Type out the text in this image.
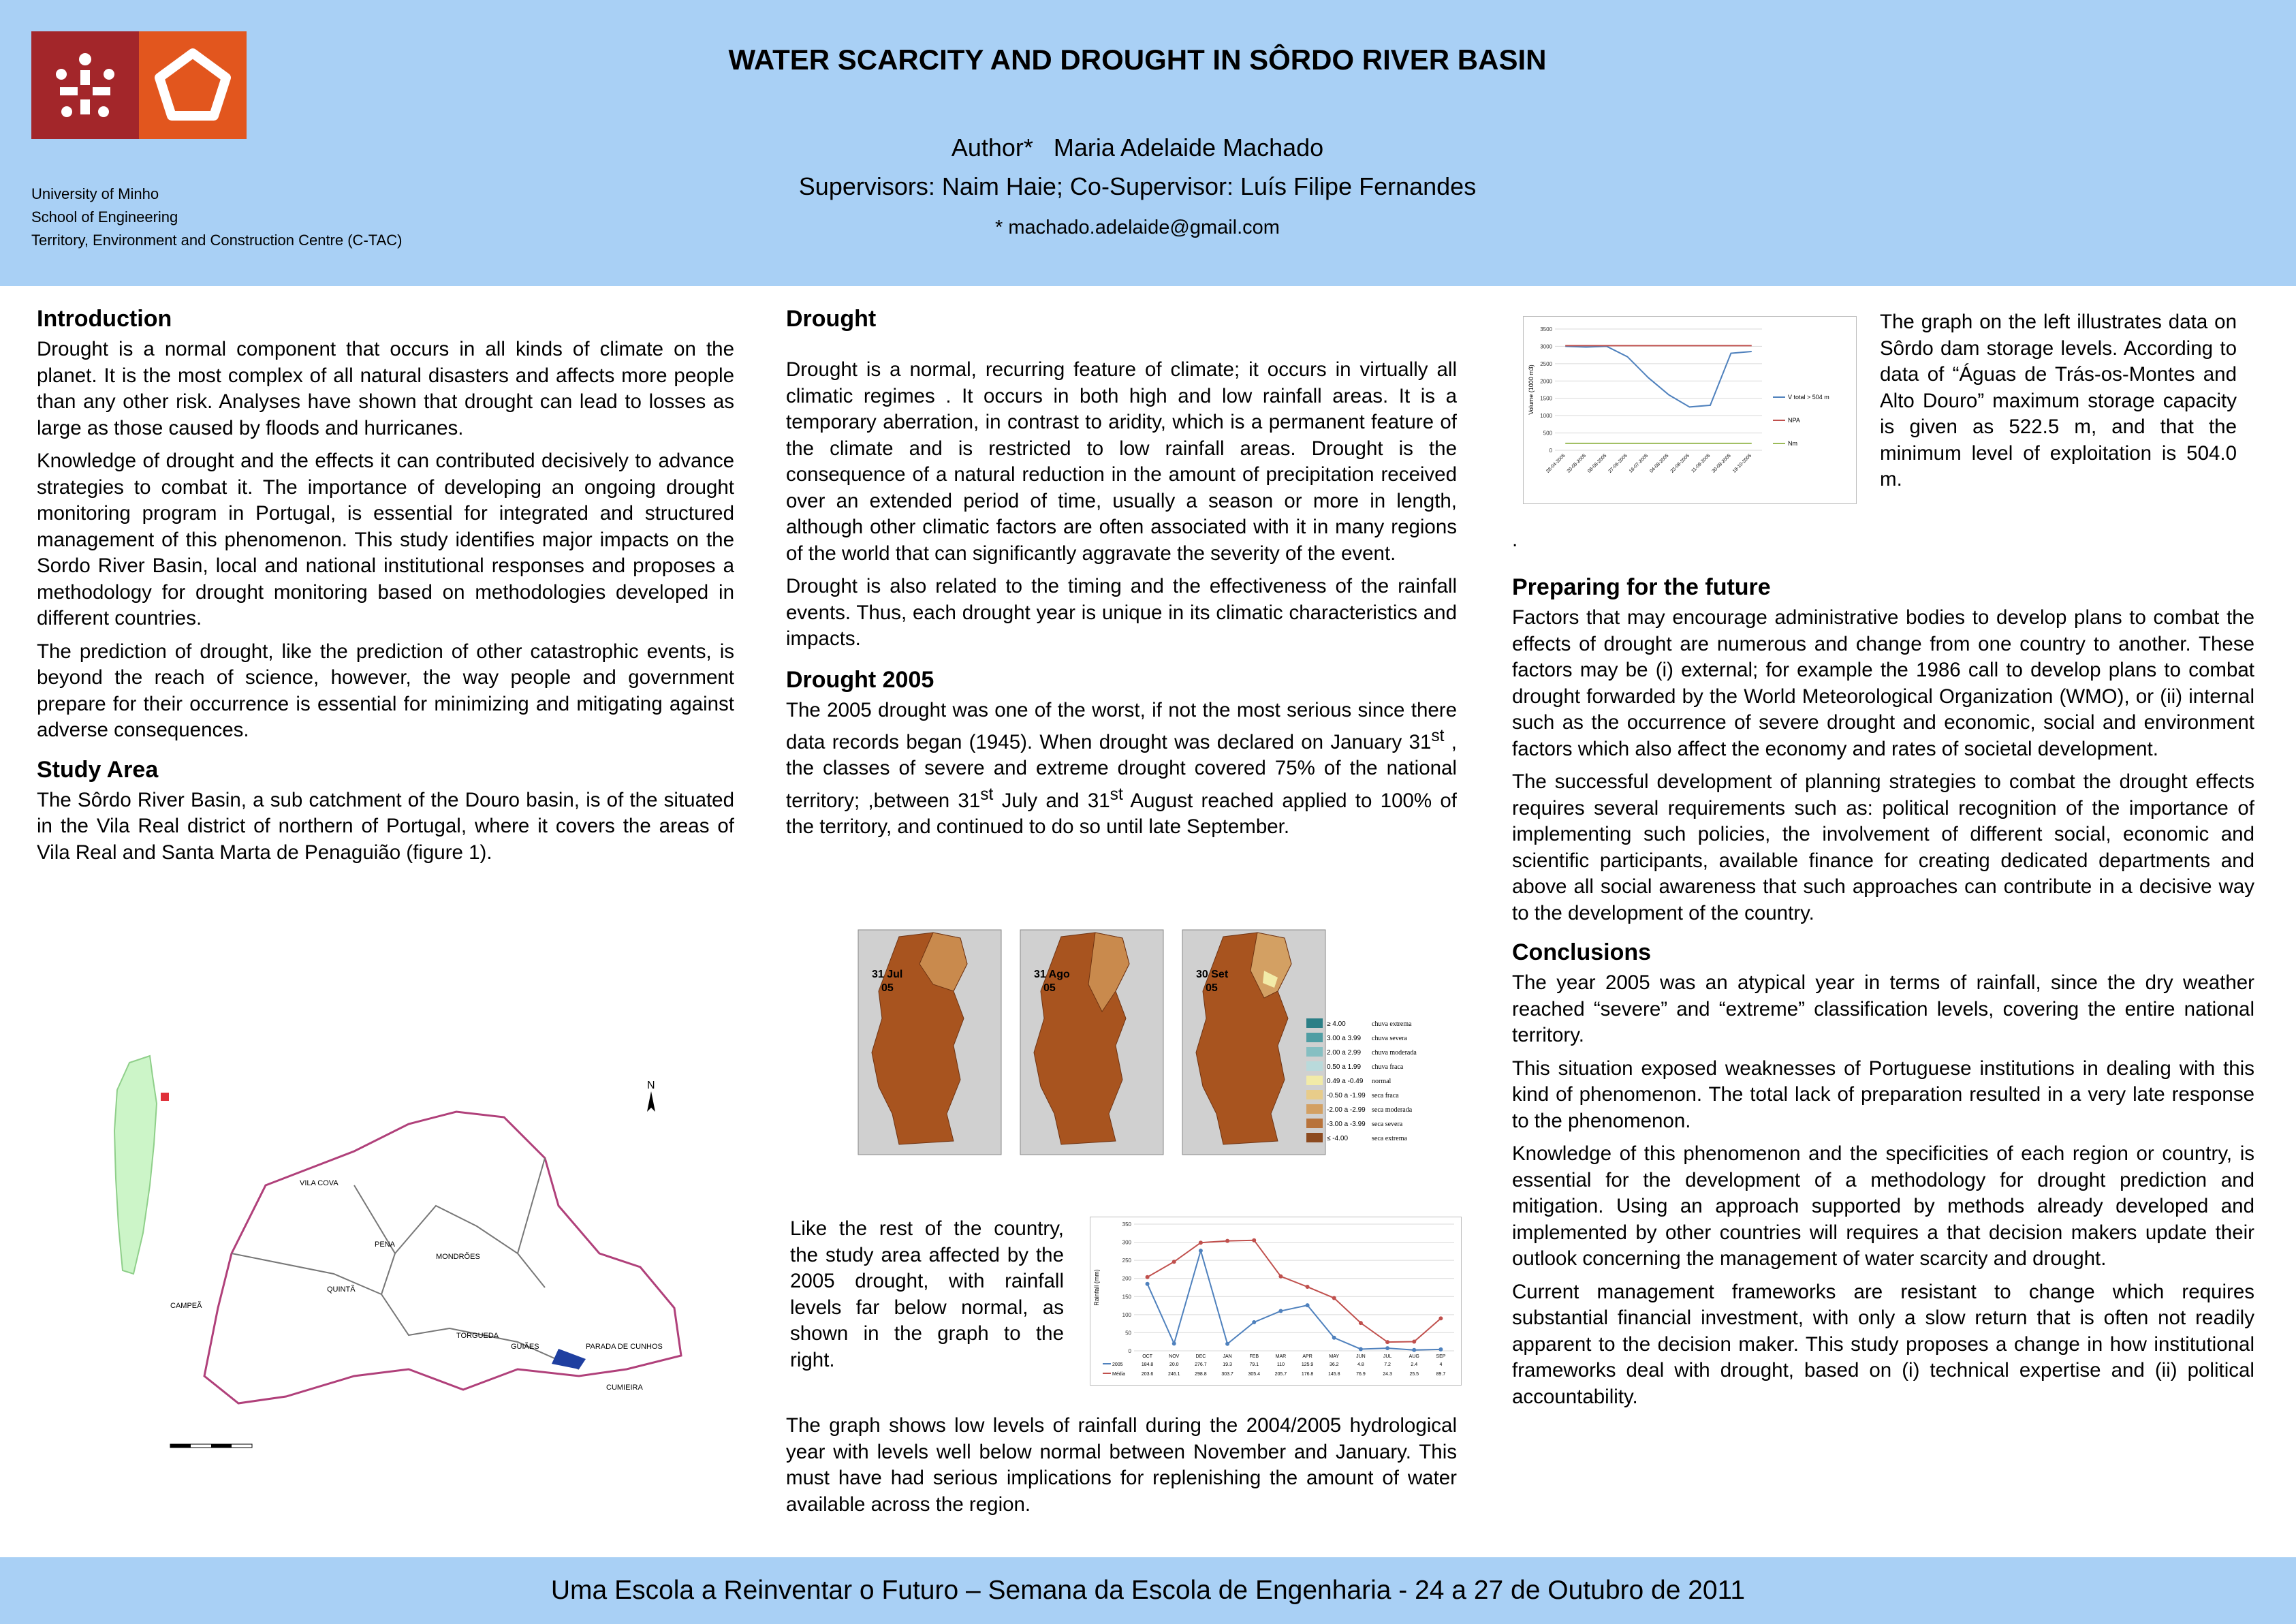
University of Minho
School of Engineering
Territory, Environment and Construction Centre (C-TAC)
WATER SCARCITY AND DROUGHT IN SÔRDO RIVER BASIN
Author* Maria Adelaide Machado
Supervisors: Naim Haie; Co-Supervisor: Luís Filipe Fernandes
* machado.adelaide@gmail.com
Introduction

Drought is a normal component that occurs in all kinds of climate on the planet. It is the most complex of all natural disasters and affects more people than any other risk. Analyses have shown that drought can lead to losses as large as those caused by floods and hurricanes.

Knowledge of drought and the effects it can contributed decisively to advance strategies to combat it. The importance of developing an ongoing drought monitoring program in Portugal, is essential for integrated and structured management of this phenomenon. This study identifies major impacts on the Sordo River Basin, local and national institutional responses and proposes a methodology for drought monitoring based on methodologies developed in different countries.

The prediction of drought, like the prediction of other catastrophic events, is beyond the reach of science, however, the way people and government prepare for their occurrence is essential for minimizing and mitigating against adverse consequences.

Study Area

The Sôrdo River Basin, a sub catchment of the Douro basin, is of the situated in the Vila Real district of northern of Portugal, where it covers the areas of Vila Real and Santa Marta de Penaguião (figure 1).

VILA COVA
PENA
MONDRÕES
CAMPEÃ
QUINTÃ
TORGUEDA
GUIÃES	PARADA DE CUNHOS
CUMIEIRA
N
Drought

Drought is a normal, recurring feature of climate; it occurs in virtually all climatic regimes . It occurs in both high and low rainfall areas. It is a temporary aberration, in contrast to aridity, which is a permanent feature of the climate and is restricted to low rainfall areas. Drought is the consequence of a natural reduction in the amount of precipitation received over an extended period of time, usually a season or more in length, although other climatic factors are often associated with it in many regions of the world that can significantly aggravate the severity of the event.

Drought is also related to the timing and the effectiveness of the rainfall events. Thus, each drought year is unique in its climatic characteristics and impacts.

Drought 2005

The 2005 drought was one of the worst, if not the most serious since there data records began (1945). When drought was declared on January 31st , the classes of severe and extreme drought covered 75% of the national territory; ,between 31st July and 31st August reached applied to 100% of the territory, and continued to do so until late September.

31 Jul
05
31 Ago
05
30 Set
05
≥ 4.00	chuva extrema
3.00 a 3.99 chuva severa
2.00 a 2.99 chuva moderada
0.50 a 1.99 chuva fraca
0.49 a -0.49 normal
-0.50 a -1.99 seca fraca
-2.00 a -2.99 seca moderada
-3.00 a -3.99 seca severa
≤ -4.00	seca extrema
Like the rest of the country, the study area affected by the 2005 drought, with rainfall levels far below normal, as shown in the graph to the right.	0
50
100
150
200
250
300
350
Rainfall (mm)
OCT	NOV	DEC	JAN	FEB	MAR	APR	MAY	JUN	JUL	AUG	SEP
2005	184.8	20.0	276.7	19.3	79.1	110	125.9	36.2	4.8	7.2	2.4	4
Média	203.6	246.1	298.8	303.7	305.4	205.7	176.8	145.8	76.9	24.3	25.5	89.7
The graph shows low levels of rainfall during the 2004/2005 hydrological year with levels well below normal between November and January. This must have had serious implications for replenishing the amount of water available across the region.
0
500
1000
1500
2000
2500
3000
3500
Volume (1000 m3)
28-04-2005 20-05-2005 08-06-2005 27-06-2005 16-07-2005 04-08-2005 23-08-2005 11-09-2005 30-09-2005 19-10-2005
V total > 504 m
NPA
Nm
The graph on the left illustrates data on Sôrdo dam storage levels. According to data of “Águas de Trás-os-Montes and Alto Douro” maximum storage capacity is given as 522.5 m, and that the minimum level of exploitation is 504.0 m.
.
Preparing for the future

Factors that may encourage administrative bodies to develop plans to combat the effects of drought are numerous and change from one country to another. These factors may be (i) external; for example the 1986 call to develop plans to combat drought forwarded by the World Meteorological Organization (WMO), or (ii) internal such as the occurrence of severe drought and economic, social and environment factors which also affect the economy and rates of societal development.

The successful development of planning strategies to combat the drought effects requires several requirements such as: political recognition of the importance of implementing such policies, the involvement of different social, economic and scientific participants, available finance for creating dedicated departments and above all social awareness that such approaches can contribute in a decisive way to the development of the country.

Conclusions

The year 2005 was an atypical year in terms of rainfall, since the dry weather reached “severe” and “extreme” classification levels, covering the entire national territory.

This situation exposed weaknesses of Portuguese institutions in dealing with this kind of phenomenon. The total lack of preparation resulted in a very late response to the phenomenon.

Knowledge of this phenomenon and the specificities of each region or country, is essential for the development of a methodology for drought prediction and mitigation. Using an approach supported by methods already developed and implemented by other countries will requires a that decision makers update their outlook concerning the management of water scarcity and drought.

Current management frameworks are resistant to change which requires substantial financial investment, with only a slow return that is often not readily apparent to the decision maker. This study proposes a change in how institutional frameworks deal with drought, based on (i) technical expertise and (ii) political accountability.

Uma Escola a Reinventar o Futuro – Semana da Escola de Engenharia - 24 a 27 de Outubro de 2011
